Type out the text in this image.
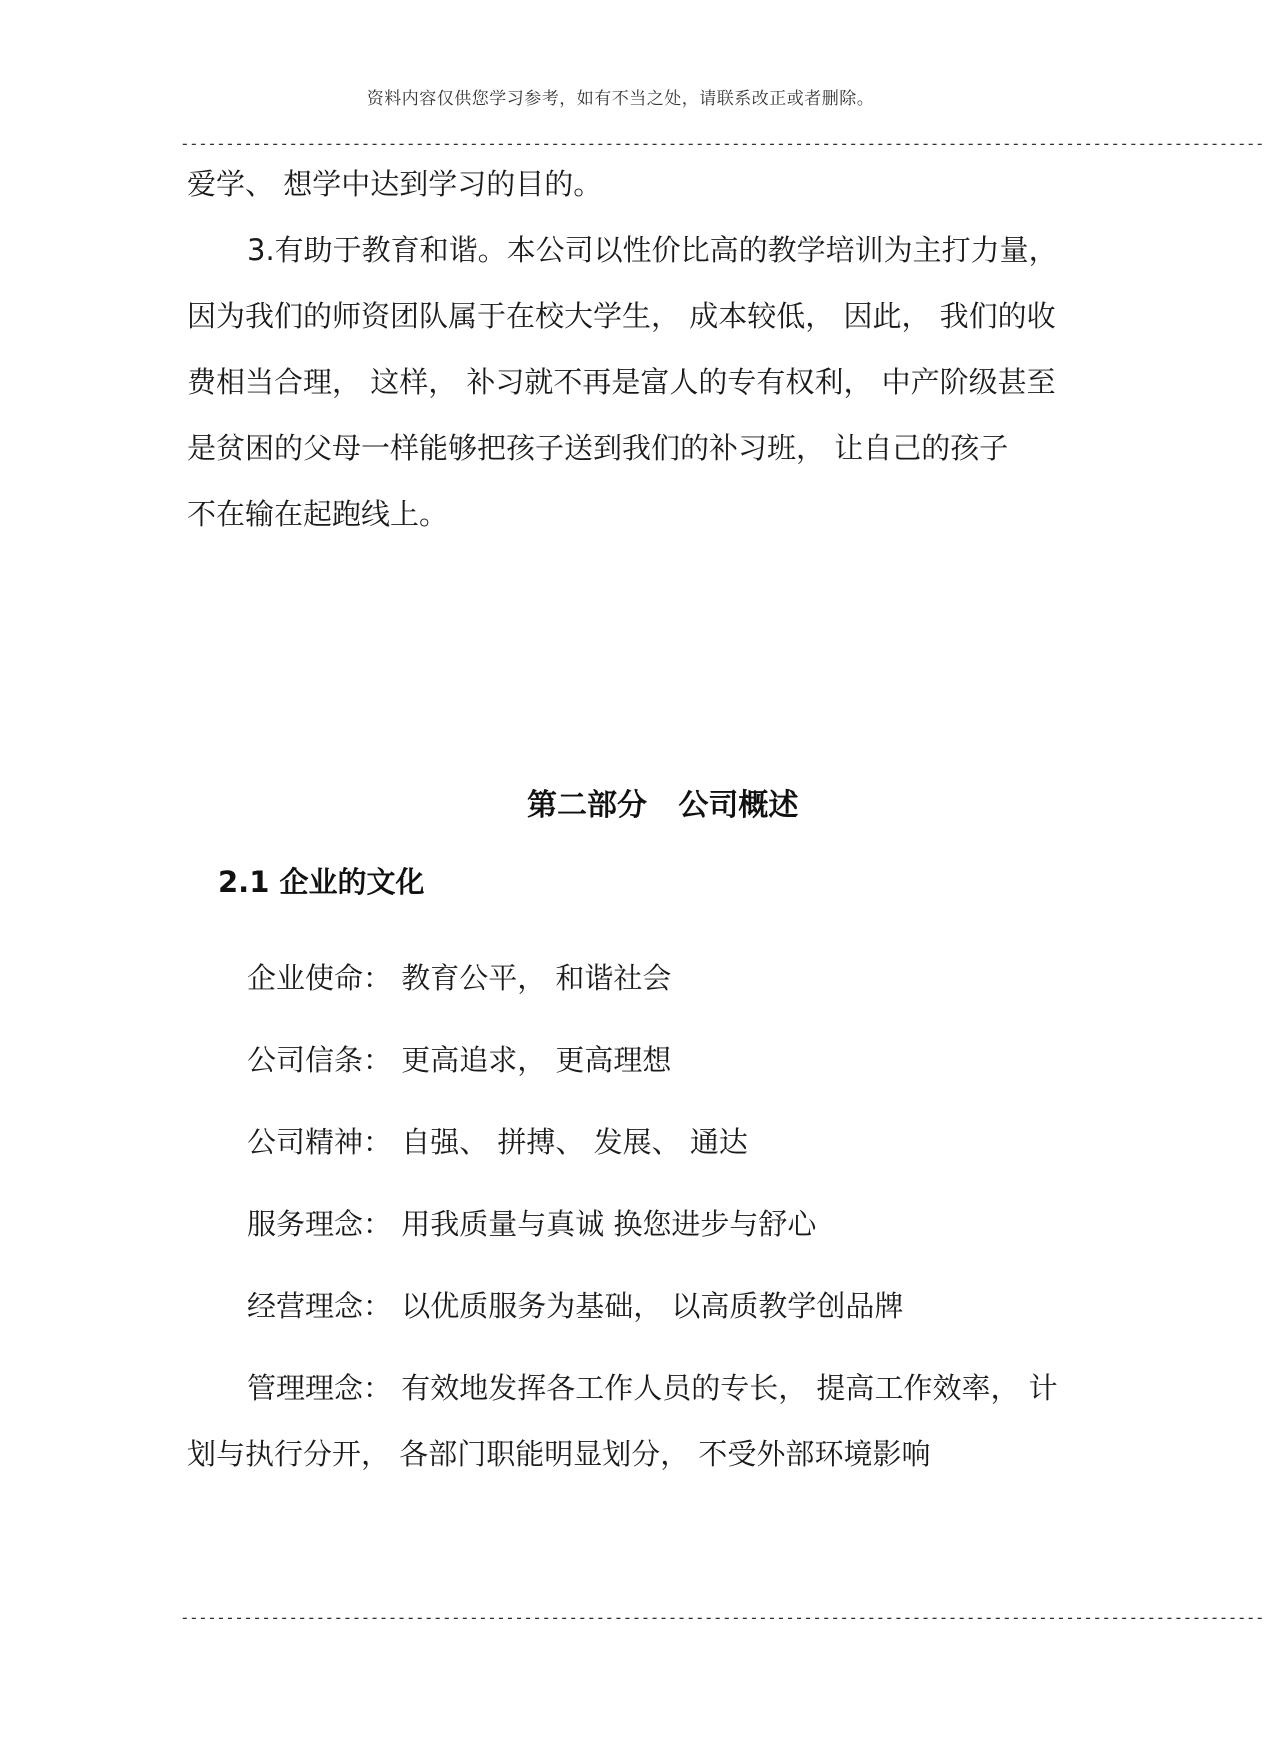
资料内容仅供您学习参考，如有不当之处，请联系改正或者删除。
------------------------------------------------------------------------------------------------------------------------
爱学、 想学中达到学习的目的。
3.有助于教育和谐。本公司以性价比高的教学培训为主打力量，
因为我们的师资团队属于在校大学生， 成本较低， 因此， 我们的收
费相当合理， 这样， 补习就不再是富人的专有权利， 中产阶级甚至
是贫困的父母一样能够把孩子送到我们的补习班， 让自己的孩子
不在输在起跑线上。
第二部分   公司概述
2.1 企业的文化
企业使命： 教育公平， 和谐社会
公司信条： 更高追求， 更高理想
公司精神： 自强、 拼搏、 发展、 通达
服务理念： 用我质量与真诚 换您进步与舒心
经营理念： 以优质服务为基础， 以高质教学创品牌
管理理念： 有效地发挥各工作人员的专长， 提高工作效率， 计
划与执行分开， 各部门职能明显划分， 不受外部环境影响
------------------------------------------------------------------------------------------------------------------------
